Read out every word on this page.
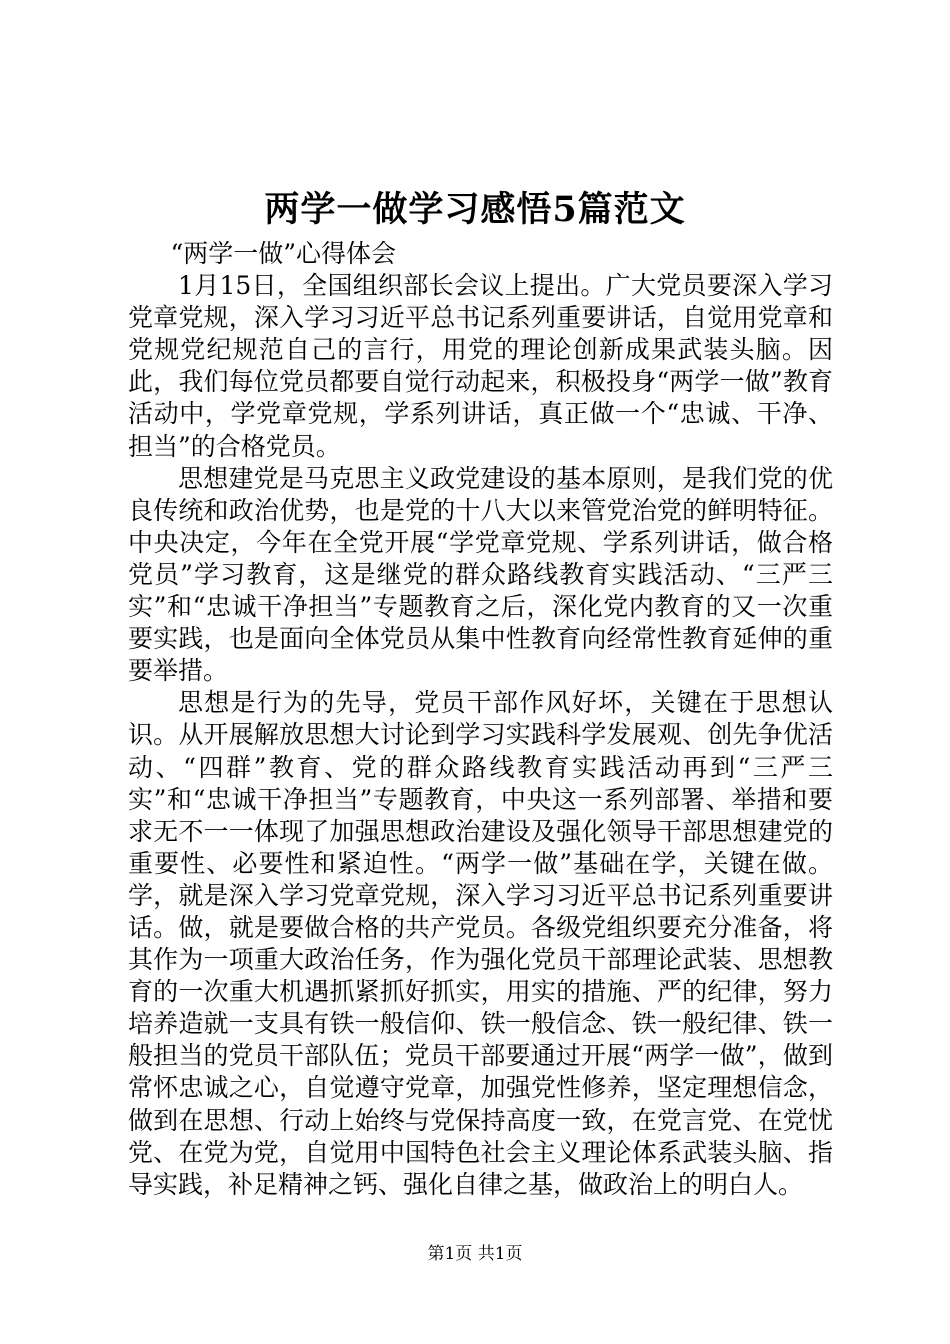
两学一做学习感悟5篇范文

“两学一做”心得体会

1月15日，全国组织部长会议上提出。广大党员要深入学习党章党规，深入学习习近平总书记系列重要讲话，自觉用党章和党规党纪规范自己的言行，用党的理论创新成果武装头脑。因此，我们每位党员都要自觉行动起来，积极投身“两学一做”教育活动中，学党章党规，学系列讲话，真正做一个“忠诚、干净、担当”的合格党员。

思想建党是马克思主义政党建设的基本原则，是我们党的优良传统和政治优势，也是党的十八大以来管党治党的鲜明特征。中央决定，今年在全党开展“学党章党规、学系列讲话，做合格党员”学习教育，这是继党的群众路线教育实践活动、“三严三实”和“忠诚干净担当”专题教育之后，深化党内教育的又一次重要实践，也是面向全体党员从集中性教育向经常性教育延伸的重要举措。

思想是行为的先导，党员干部作风好坏，关键在于思想认识。从开展解放思想大讨论到学习实践科学发展观、创先争优活动、“四群”教育、党的群众路线教育实践活动再到“三严三实”和“忠诚干净担当”专题教育，中央这一系列部署、举措和要求无不一一体现了加强思想政治建设及强化领导干部思想建党的重要性、必要性和紧迫性。“两学一做”基础在学，关键在做。学，就是深入学习党章党规，深入学习习近平总书记系列重要讲话。做，就是要做合格的共产党员。各级党组织要充分准备，将其作为一项重大政治任务，作为强化党员干部理论武装、思想教育的一次重大机遇抓紧抓好抓实，用实的措施、严的纪律，努力培养造就一支具有铁一般信仰、铁一般信念、铁一般纪律、铁一般担当的党员干部队伍；党员干部要通过开展“两学一做”，做到常怀忠诚之心，自觉遵守党章，加强党性修养，坚定理想信念，做到在思想、行动上始终与党保持高度一致，在党言党、在党忧党、在党为党，自觉用中国特色社会主义理论体系武装头脑、指导实践，补足精神之钙、强化自律之基，做政治上的明白人。

第1页 共1页
